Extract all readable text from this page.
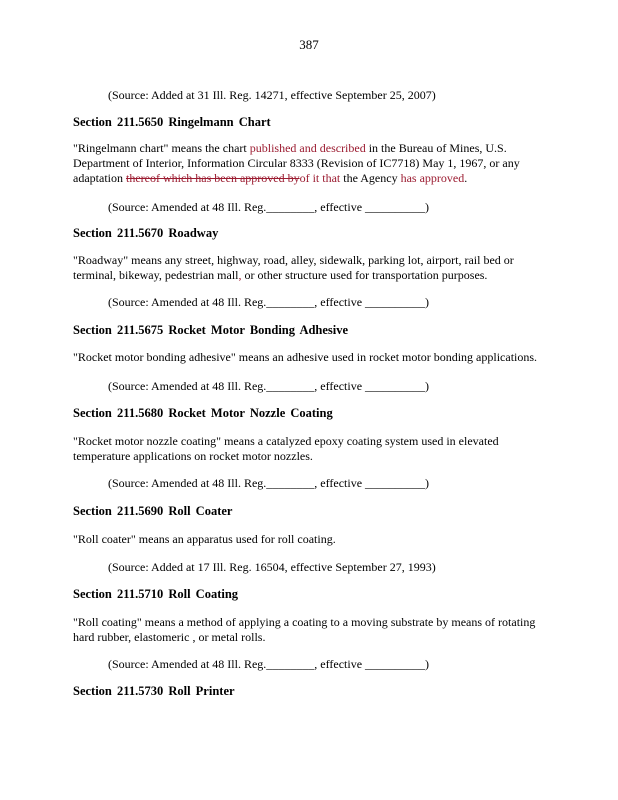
387
(Source: Added at 31 Ill. Reg. 14271, effective September 25, 2007)
Section 211.5650 Ringelmann Chart
"Ringelmann chart" means the chart published and described in the Bureau of Mines, U.S. Department of Interior, Information Circular 8333 (Revision of IC7718) May 1, 1967, or any adaptation thereof which has been approved byof it that the Agency has approved.
(Source: Amended at 48 Ill. Reg.________, effective __________)
Section 211.5670 Roadway
"Roadway" means any street, highway, road, alley, sidewalk, parking lot, airport, rail bed or terminal, bikeway, pedestrian mall, or other structure used for transportation purposes.
(Source: Amended at 48 Ill. Reg.________, effective __________)
Section 211.5675 Rocket Motor Bonding Adhesive
"Rocket motor bonding adhesive" means an adhesive used in rocket motor bonding applications.
(Source: Amended at 48 Ill. Reg.________, effective __________)
Section 211.5680 Rocket Motor Nozzle Coating
"Rocket motor nozzle coating" means a catalyzed epoxy coating system used in elevated temperature applications on rocket motor nozzles.
(Source: Amended at 48 Ill. Reg.________, effective __________)
Section 211.5690 Roll Coater
"Roll coater" means an apparatus used for roll coating.
(Source: Added at 17 Ill. Reg. 16504, effective September 27, 1993)
Section 211.5710 Roll Coating
"Roll coating" means a method of applying a coating to a moving substrate by means of rotating hard rubber, elastomeric , or metal rolls.
(Source: Amended at 48 Ill. Reg.________, effective __________)
Section 211.5730 Roll Printer
